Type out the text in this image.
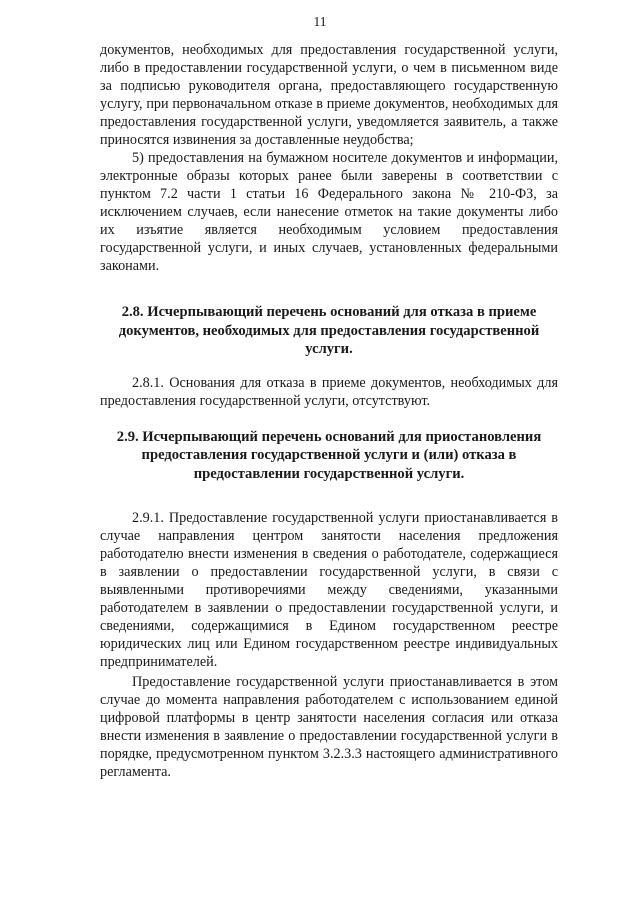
11

документов, необходимых для предоставления государственной услуги, либо в предоставлении государственной услуги, о чем в письменном виде за подписью руководителя органа, предоставляющего государственную услугу, при первоначальном отказе в приеме документов, необходимых для предоставления государственной услуги, уведомляется заявитель, а также приносятся извинения за доставленные неудобства;

5) предоставления на бумажном носителе документов и информации, электронные образы которых ранее были заверены в соответствии с пунктом 7.2 части 1 статьи 16 Федерального закона № 210-ФЗ, за исключением случаев, если нанесение отметок на такие документы либо их изъятие является необходимым условием предоставления государственной услуги, и иных случаев, установленных федеральными законами.

2.8. Исчерпывающий перечень оснований для отказа в приеме документов, необходимых для предоставления государственной услуги.

2.8.1. Основания для отказа в приеме документов, необходимых для предоставления государственной услуги, отсутствуют.

2.9. Исчерпывающий перечень оснований для приостановления предоставления государственной услуги и (или) отказа в предоставлении государственной услуги.

2.9.1. Предоставление государственной услуги приостанавливается в случае направления центром занятости населения предложения работодателю внести изменения в сведения о работодателе, содержащиеся в заявлении о предоставлении государственной услуги, в связи с выявленными противоречиями между сведениями, указанными работодателем в заявлении о предоставлении государственной услуги, и сведениями, содержащимися в Едином государственном реестре юридических лиц или Едином государственном реестре индивидуальных предпринимателей.

Предоставление государственной услуги приостанавливается в этом случае до момента направления работодателем с использованием единой цифровой платформы в центр занятости населения согласия или отказа внести изменения в заявление о предоставлении государственной услуги в порядке, предусмотренном пунктом 3.2.3.3 настоящего административного регламента.
